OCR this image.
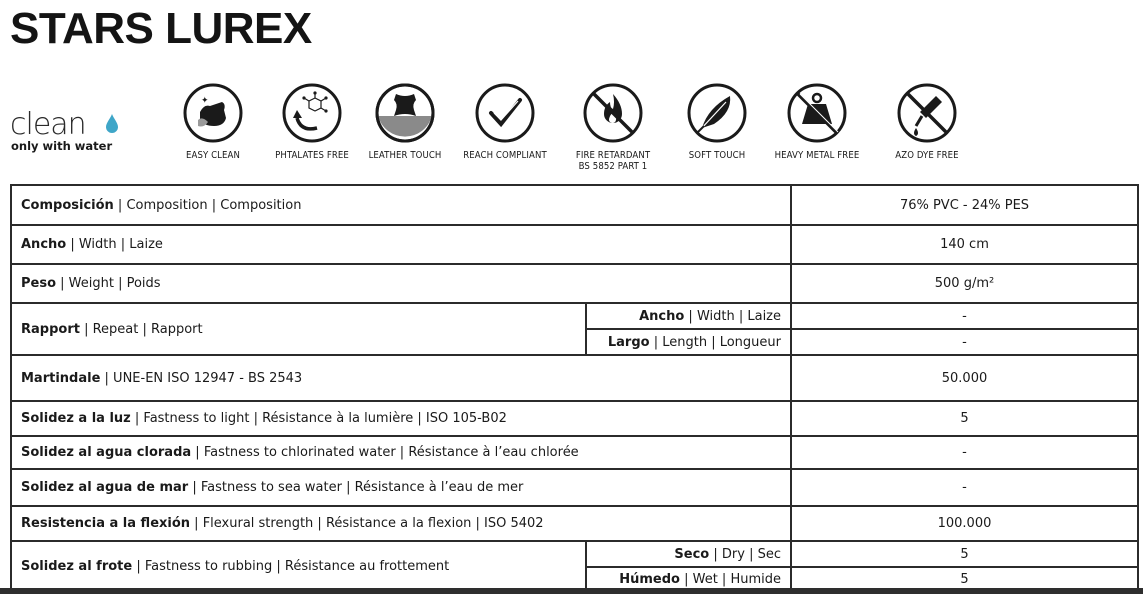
STARS LUREX
clean
only with water
✦
EASY CLEAN	PHTALATES FREE	LEATHER TOUCH	REACH COMPLIANT	FIRE RETARDANT
BS 5852 PART 1
SOFT TOUCH	HEAVY METAL FREE	AZO DYE FREE
Composición | Composition | Composition		76% PVC - 24% PES
Ancho | Width | Laize		140 cm
Peso | Weight | Poids		500 g/m²
Rapport | Repeat | Rapport	Ancho | Width | Laize	-
	Largo | Length | Longueur	-
Martindale | UNE-EN ISO 12947 - BS 2543		50.000
Solidez a la luz | Fastness to light | Résistance à la lumière | ISO 105-B02		5
Solidez al agua clorada | Fastness to chlorinated water | Résistance à l’eau chlorée		-
Solidez al agua de mar | Fastness to sea water | Résistance à l’eau de mer		-
Resistencia a la flexión | Flexural strength | Résistance a la flexion | ISO 5402		100.000
Solidez al frote | Fastness to rubbing | Résistance au frottement	Seco | Dry | Sec	5
	Húmedo | Wet | Humide	5
